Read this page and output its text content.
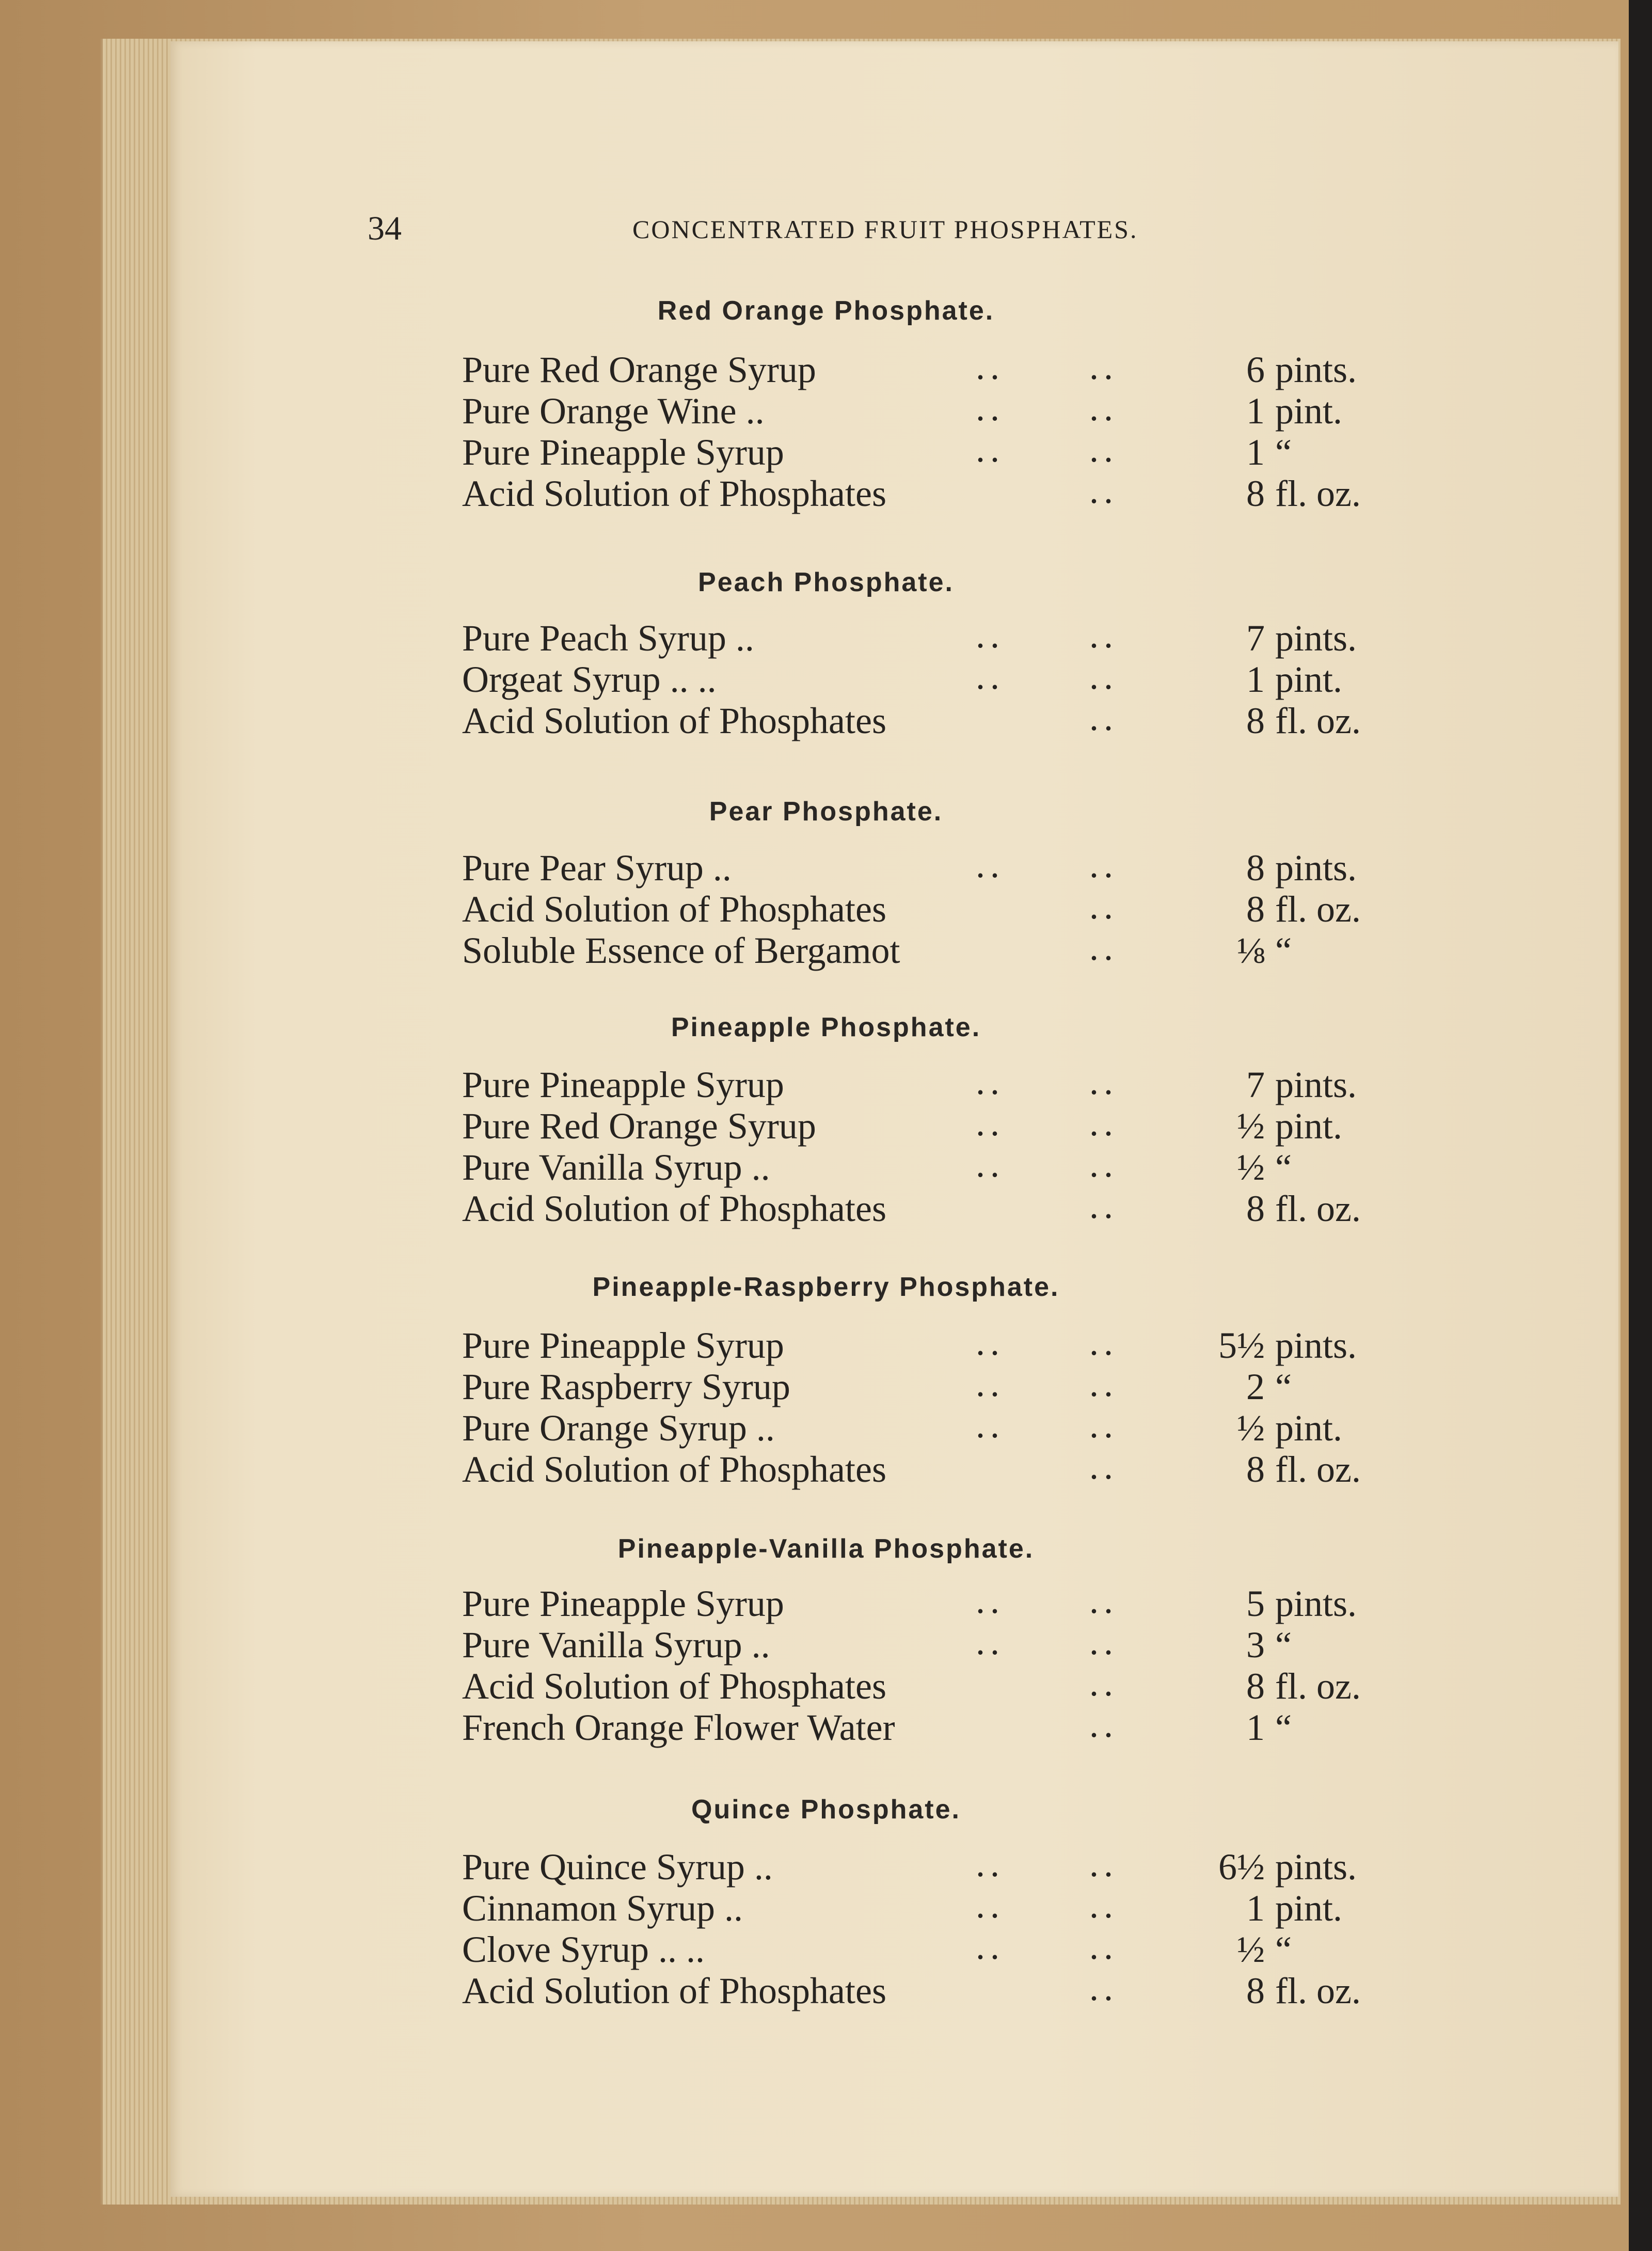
34	CONCENTRATED FRUIT PHOSPHATES.
Red Orange Phosphate.
Pure Red Orange Syrup	.. ..	6 pints.
Pure Orange Wine ..	.. ..	1 pint.
Pure Pineapple Syrup	.. ..	1 “
Acid Solution of Phosphates	..	8 fl. oz.
Peach Phosphate.
Pure Peach Syrup ..	.. ..	7 pints.
Orgeat Syrup .. ..	.. ..	1 pint.
Acid Solution of Phosphates	..	8 fl. oz.
Pear Phosphate.
Pure Pear Syrup ..	.. ..	8 pints.
Acid Solution of Phosphates	..	8 fl. oz.
Soluble Essence of Bergamot	..	⅛ “
Pineapple Phosphate.
Pure Pineapple Syrup	.. ..	7 pints.
Pure Red Orange Syrup	.. ..	½ pint.
Pure Vanilla Syrup ..	.. ..	½ “
Acid Solution of Phosphates	..	8 fl. oz.
Pineapple-Raspberry Phosphate.
Pure Pineapple Syrup	.. ..	5½ pints.
Pure Raspberry Syrup	.. ..	2 “
Pure Orange Syrup ..	.. ..	½ pint.
Acid Solution of Phosphates	..	8 fl. oz.
Pineapple-Vanilla Phosphate.
Pure Pineapple Syrup	.. ..	5 pints.
Pure Vanilla Syrup ..	.. ..	3 “
Acid Solution of Phosphates	..	8 fl. oz.
French Orange Flower Water	..	1 “
Quince Phosphate.
Pure Quince Syrup ..	.. ..	6½ pints.
Cinnamon Syrup ..	.. ..	1 pint.
Clove Syrup .. ..	.. ..	½ “
Acid Solution of Phosphates	..	8 fl. oz.
